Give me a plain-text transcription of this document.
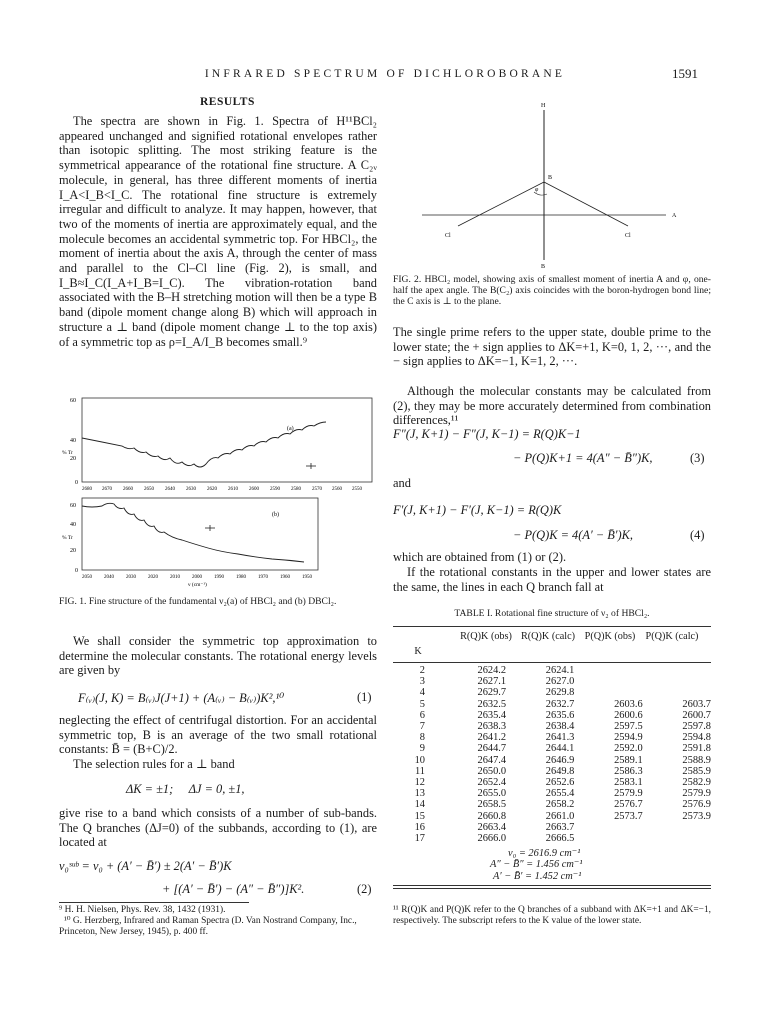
INFRARED SPECTRUM OF DICHLOROBORANE	1591
RESULTS

The spectra are shown in Fig. 1. Spectra of H¹¹BCl₂ appeared unchanged and signified rotational envelopes rather than isotopic splitting. The most striking feature is the symmetrical appearance of the rotational fine structure. A C₂ᵥ molecule, in general, has three different moments of inertia I_A<I_B<I_C. The rotational fine structure is extremely irregular and difficult to analyze. It may happen, however, that two of the moments of inertia are approximately equal, and the molecule becomes an accidental symmetric top. For HBCl₂, the moment of inertia about the axis A, through the center of mass and parallel to the Cl–Cl line (Fig. 2), is small, and I_B≈I_C(I_A+I_B=I_C). The vibration-rotation band associated with the B–H stretching motion will then be a type B band (dipole moment change along B) which will approach in structure a ⊥ band (dipole moment change ⊥ to the top axis) of a symmetric top as ρ=I_A/I_B becomes small.⁹

60
40
20
0
% Tr
(a)
2680 2670 2660 2650 2640 2630 2620 2610 2600 2590 2580 2570 2560 2550
60
40
20
0
% Tr
(b)
2050 2040 2030 2020 2010 2000 1990 1980 1970 1960 1950
ν (cm⁻¹)
FIG. 1. Fine structure of the fundamental ν₂(a) of HBCl₂ and (b) DBCl₂.

We shall consider the symmetric top approximation to determine the molecular constants. The rotational energy levels are given by

F₍ᵥ₎(J, K) = B₍ᵥ₎J(J+1) + (A₍ᵥ₎ − B₍ᵥ₎)K²,¹⁰	(1)

neglecting the effect of centrifugal distortion. For an accidental symmetric top, B is an average of the two small rotational constants: B̄ = (B+C)/2.

The selection rules for a ⊥ band

ΔK = ±1;     ΔJ = 0, ±1,

give rise to a band which consists of a number of sub-bands. The Q branches (ΔJ=0) of the subbands, according to (1), are located at

ν₀ˢᵘᵇ = ν₀ + (A′ − B̄′) ± 2(A′ − B̄′)K
+ [(A′ − B̄′) − (A″ − B̄″)]K².	(2)
⁹ H. H. Nielsen, Phys. Rev. 38, 1432 (1931).
¹⁰ G. Herzberg, Infrared and Raman Spectra (D. Van Nostrand Company, Inc., Princeton, New Jersey, 1945), p. 400 ff.
H
B
φ
A
Cl	Cl
B
FIG. 2. HBCl₂ model, showing axis of smallest moment of inertia A and φ, one-half the apex angle. The B(C₂) axis coincides with the boron-hydrogen bond line; the C axis is ⊥ to the plane.

The single prime refers to the upper state, double prime to the lower state; the + sign applies to ΔK=+1, K=0, 1, 2, ···, and the − sign applies to ΔK=−1, K=1, 2, ···.

Although the molecular constants may be calculated from (2), they may be more accurately determined from combination differences,¹¹

F″(J, K+1) − F″(J, K−1) = R(Q)K−1
− P(Q)K+1 = 4(A″ − B̄″)K,	(3)
and
F′(J, K+1) − F′(J, K−1) = R(Q)K
− P(Q)K = 4(A′ − B̄′)K,	(4)

which are obtained from (1) or (2).

If the rotational constants in the upper and lower states are the same, the lines in each Q branch fall at

TABLE I. Rotational fine structure of ν₂ of HBCl₂.
K
R(Q)K (obs) R(Q)K (calc) P(Q)K (obs)	P(Q)K (calc)
2	2624.2	2624.1		
3	2627.1	2627.0		
4	2629.7	2629.8		
5	2632.5	2632.7	2603.6	2603.7
6	2635.4	2635.6	2600.6	2600.7
7	2638.3	2638.4	2597.5	2597.8
8	2641.2	2641.3	2594.9	2594.8
9	2644.7	2644.1	2592.0	2591.8
10	2647.4	2646.9	2589.1	2588.9
11	2650.0	2649.8	2586.3	2585.9
12	2652.4	2652.6	2583.1	2582.9
13	2655.0	2655.4	2579.9	2579.9
14	2658.5	2658.2	2576.7	2576.9
15	2660.8	2661.0	2573.7	2573.9
16	2663.4	2663.7		
17	2666.0	2666.5		
ν₀ = 2616.9 cm⁻¹
A″ − B̄″ = 1.456 cm⁻¹
A′ − B̄′ = 1.452 cm⁻¹
¹¹ R(Q)K and P(Q)K refer to the Q branches of a subband with ΔK=+1 and ΔK=−1, respectively. The subscript refers to the K value of the lower state.
